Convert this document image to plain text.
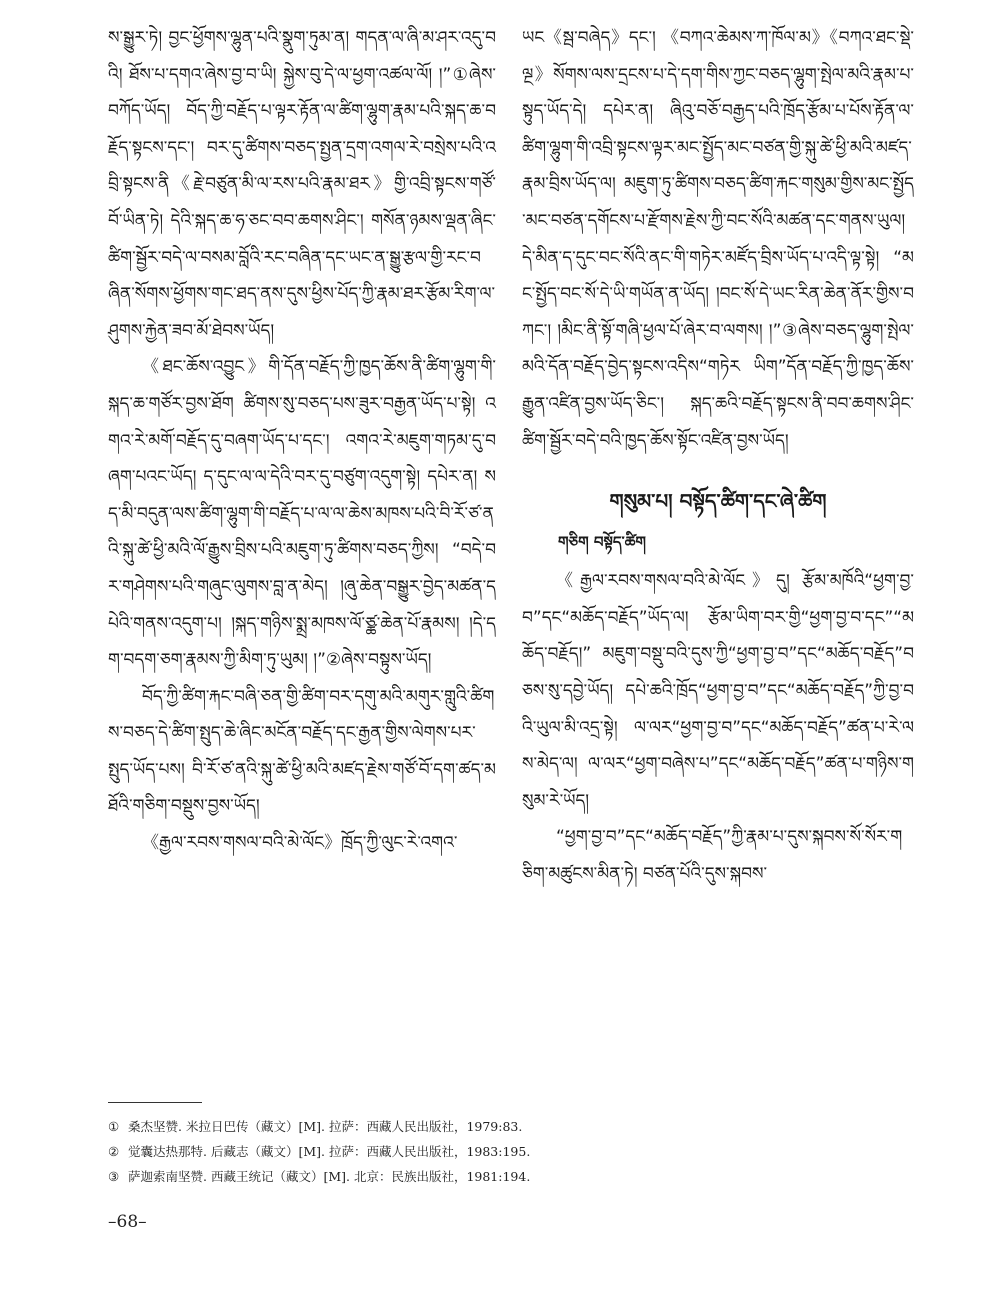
ས་སྒྱུར་ཏེ། བྱང་ཕྱོགས་ལྷུན་པའི་སྣུག་ཏུམ་ན། གདན་ལ་ཞི་མ་ཤར་འདུ་བའི། ཐོས་པ་དགའ་ཞེས་བྱ་བ་ཡི། སྐྱེས་བུ་དེ་ལ་ཕྱག་འཚལ་ལོ། །”①ཞེས་བཀོད་ཡོད། བོད་ཀྱི་བརྗོད་པ་ལྟར་རྟོན་ལ་ཚིག་ལྷུག་རྣམ་པའི་སྐད་ཆ་བརྗོད་སྟངས་དང་། བར་དུ་ཚིགས་བཅད་སྤྱན་དྲག་འགལ་རེ་བསྲེས་པའི་འབྲི་སྟངས་ནི《རྗེ་བཙུན་མི་ལ་རས་པའི་རྣམ་ཐར》གྱི་འབྲི་སྟངས་གཙོ་བོ་ཡིན་ཏེ། དེའི་སྐད་ཆ་ཧ་ཅང་བབ་ཆགས་ཤིང་། གསོན་ཉམས་ལྡན་ཞིང་ཚིག་སྦྱོར་བདེ་ལ་བསམ་བློའི་རང་བཞིན་དང་ཡང་ན་སྒྱུ་རྩལ་གྱི་རང་བཞིན་སོགས་ཕྱོགས་གང་ཐད་ནས་དུས་ཕྱིས་པོད་ཀྱི་རྣམ་ཐར་རྩོམ་རིག་ལ་ཤུགས་རྐྱེན་ཟབ་མོ་ཐེབས་ཡོད།

《ཐང་ཆོས་འབྱུང》གི་དོན་བརྗོད་ཀྱི་ཁྱད་ཆོས་ནི་ཚིག་ལྷུག་གི་སྐད་ཆ་གཙོར་བྱས་ཐོག ཚིགས་སུ་བཅད་པས་ཟུར་བརྒྱན་ཡོད་པ་སྟེ། འགའ་རེ་མགོ་བརྗོད་དུ་བཞག་ཡོད་པ་དང་། འགའ་རེ་མཇུག་གཏམ་དུ་བཞག་པའང་ཡོད། ད་དུང་ལ་ལ་དེའི་བར་དུ་བཙུག་འདུག་སྟེ། དཔེར་ན། སད་མི་བདུན་ལས་ཚིག་ལྷུག་གི་བརྗོད་པ་ལ་ལ་ཆེས་མཁས་པའི་བི་རོ་ཙ་ནའི་སྐུ་ཚེ་ཕྱི་མའི་ལོ་རྒྱུས་བྲིས་པའི་མཇུག་ཏུ་ཚིགས་བཅད་ཀྱིས། “བདེ་བར་གཤེགས་པའི་གཞུང་ལུགས་བླ་ན་མེད། །ཞུ་ཆེན་བསྒྱུར་བྱེད་མཚན་དཔེའི་གནས་འདུག་པ། །སྐད་གཉིས་སྨྲ་མཁས་ལོ་ཙྪ་ཆེན་པོ་རྣམས། །དེ་དག་བདག་ཅག་རྣམས་ཀྱི་མིག་ཏུ་ཡུམ། །”②ཞེས་བསྟུས་ཡོད།

བོད་ཀྱི་ཚིག་རྐང་བཞི་ཅན་གྱི་ཚིག་བར་དགུ་མའི་མགུར་གླུའི་ཚིགས་བཅད་དེ་ཚིག་སྤུད་ཆེ་ཞིང་མངོན་བརྗོད་དང་རྒྱན་གྱིས་ལེགས་པར་སྤུད་ཡོད་པས། བི་རོ་ཙ་ནའི་སྐུ་ཚེ་ཕྱི་མའི་མཛད་རྗེས་གཙོ་བོ་དག་ཚད་མཐོའི་གཅིག་བསྡུས་བྱས་ཡོད།

《རྒྱལ་རབས་གསལ་བའི་མེ་ལོང》ཁྲོད་ཀྱི་ལུང་རེ་འགའ་

ཡང《སྦ་བཞེད》དང་། 《བཀའ་ཆེམས་ཀ་ཁོལ་མ》《བཀའ་ཐང་སྡེ་ལྔ》སོགས་ལས་དྲངས་པ་དེ་དག་གིས་ཀྱང་བཅད་ལྷུག་སྤེལ་མའི་རྣམ་པ་སྟུད་ཡོད་དེ། དཔེར་ན། ཞིའུ་བཅོ་བརྒྱད་པའི་ཁྲོད་རྩོམ་པ་པོས་རྟོན་ལ་ཚིག་ལྷུག་གི་འབྲི་སྟངས་ལྟར་མང་སྤྱོད་མང་བཙན་གྱི་སྐུ་ཚེ་ཕྱི་མའི་མཛད་རྣམ་བྲིས་ཡོད་ལ། མཇུག་ཏུ་ཚིགས་བཅད་ཚིག་རྐང་གསུམ་གྱིས་མང་སྤྱོད་མང་བཙན་དགོངས་པ་རྫོགས་རྗེས་ཀྱི་བང་སོའི་མཚན་དང་གནས་ཡུལ། དེ་མིན་ད་དུང་བང་སོའི་ནང་གི་གཏེར་མཛོད་བྲིས་ཡོད་པ་འདི་ལྟ་སྟེ། “མང་སྤྱོད་བང་སོ་དེ་ཡི་གཡོན་ན་ཡོད། །བང་སོ་དེ་ཡང་རིན་ཆེན་ནོར་གྱིས་བཀང་། །མིང་ནི་སྟོ་གཞི་ཕྱལ་པོ་ཞེར་བ་ལགས། །”③ཞེས་བཅད་ལྷུག་སྤེལ་མའི་དོན་བརྗོད་བྱེད་སྟངས་འདིས“གཏེར ཡིག”དོན་བརྗོད་ཀྱི་ཁྱད་ཆོས་རྒྱུན་འཛིན་བྱས་ཡོད་ཅིང་། སྐད་ཆའི་བརྗོད་སྟངས་ནི་བབ་ཆགས་ཤིང་ཚིག་སྦྱོར་བདེ་བའི་ཁྱད་ཆོས་སྟོང་འཛིན་བྱས་ཡོད།

གསུམ་པ། བསྟོད་ཚིག་དང་ཞེ་ཚིག
གཅིག བསྟོད་ཚིག

《རྒྱལ་རབས་གསལ་བའི་མེ་ལོང》དུ། རྩོམ་མཁོའི“ཕྱག་བྱ་བ”དང“མཆོད་བརྗོད”ཡོད་ལ། རྩོམ་ཡིག་བར་གྱི“ཕྱག་བྱ་བ་དང”“མཆོད་བརྗོད།” མཇུག་བསྡུ་བའི་དུས་ཀྱི“ཕྱག་བྱ་བ”དང“མཆོད་བརྗོད”བཅས་སུ་དབྱེ་ཡོད། དཔེ་ཆའི་ཁྲོད“ཕྱག་བྱ་བ”དང“མཆོད་བརྗོད”ཀྱི་བྱ་བའི་ཡུལ་མི་འདྲ་སྟེ། ལ་ལར“ཕྱག་བྱ་བ”དང“མཆོད་བརྗོད”ཚན་པ་རེ་ལས་མེད་ལ། ལ་ལར“ཕྱག་བཞེས་པ”དང“མཆོད་བརྗོད”ཚན་པ་གཉིས་གསུམ་རེ་ཡོད།

“ཕྱག་བྱ་བ”དང“མཆོད་བརྗོད”ཀྱི་རྣམ་པ་དུས་སྐབས་སོ་སོར་གཅིག་མཚུངས་མིན་ཏེ། བཙན་པོའི་དུས་སྐབས་

① 桑杰坚赞. 米拉日巴传（藏文）[M]. 拉萨：西藏人民出版社，1979:83.

② 觉囊达热那特. 后藏志（藏文）[M]. 拉萨：西藏人民出版社，1983:195.

③ 萨迦索南坚赞. 西藏王统记（藏文）[M]. 北京：民族出版社，1981:194.

–68–
